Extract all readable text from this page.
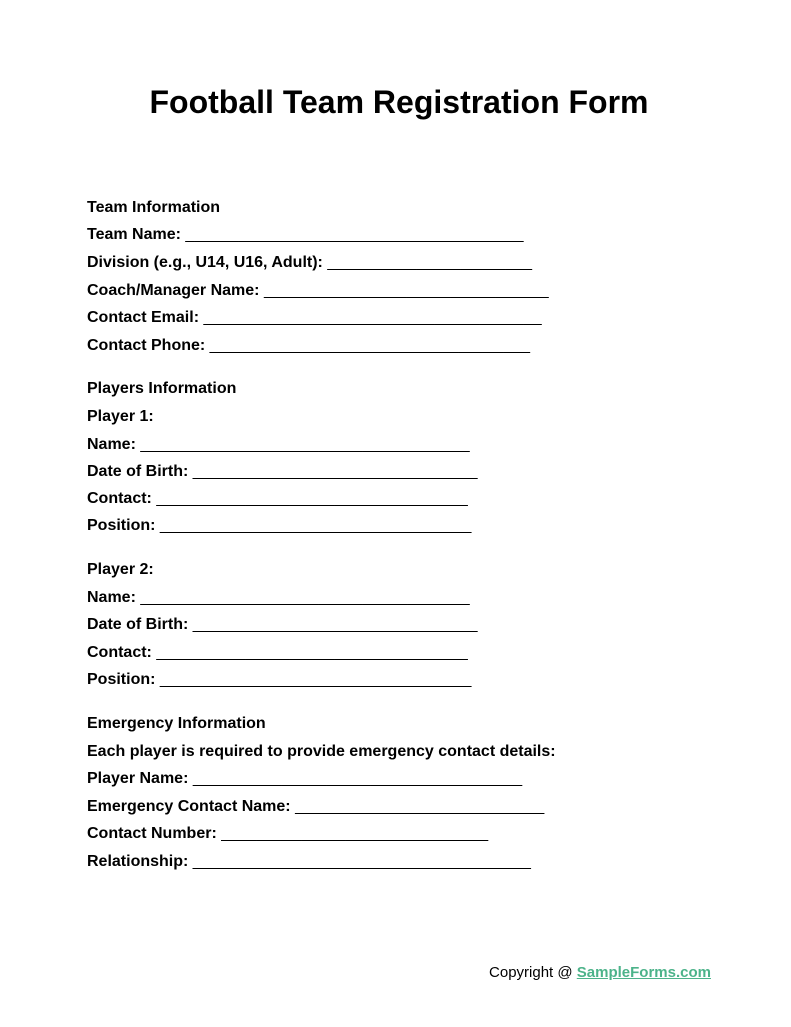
Football Team Registration Form

Team Information

Team Name: ______________________________________

Division (e.g., U14, U16, Adult): _______________________

Coach/Manager Name: ________________________________

Contact Email: ______________________________________

Contact Phone: ____________________________________

Players Information

Player 1:

Name: _____________________________________

Date of Birth: ________________________________

Contact: ___________________________________

Position: ___________________________________

Player 2:

Name: _____________________________________

Date of Birth: ________________________________

Contact: ___________________________________

Position: ___________________________________

Emergency Information

Each player is required to provide emergency contact details:

Player Name: _____________________________________

Emergency Contact Name: ____________________________

Contact Number: ______________________________

Relationship: ______________________________________

Copyright @ SampleForms.com
